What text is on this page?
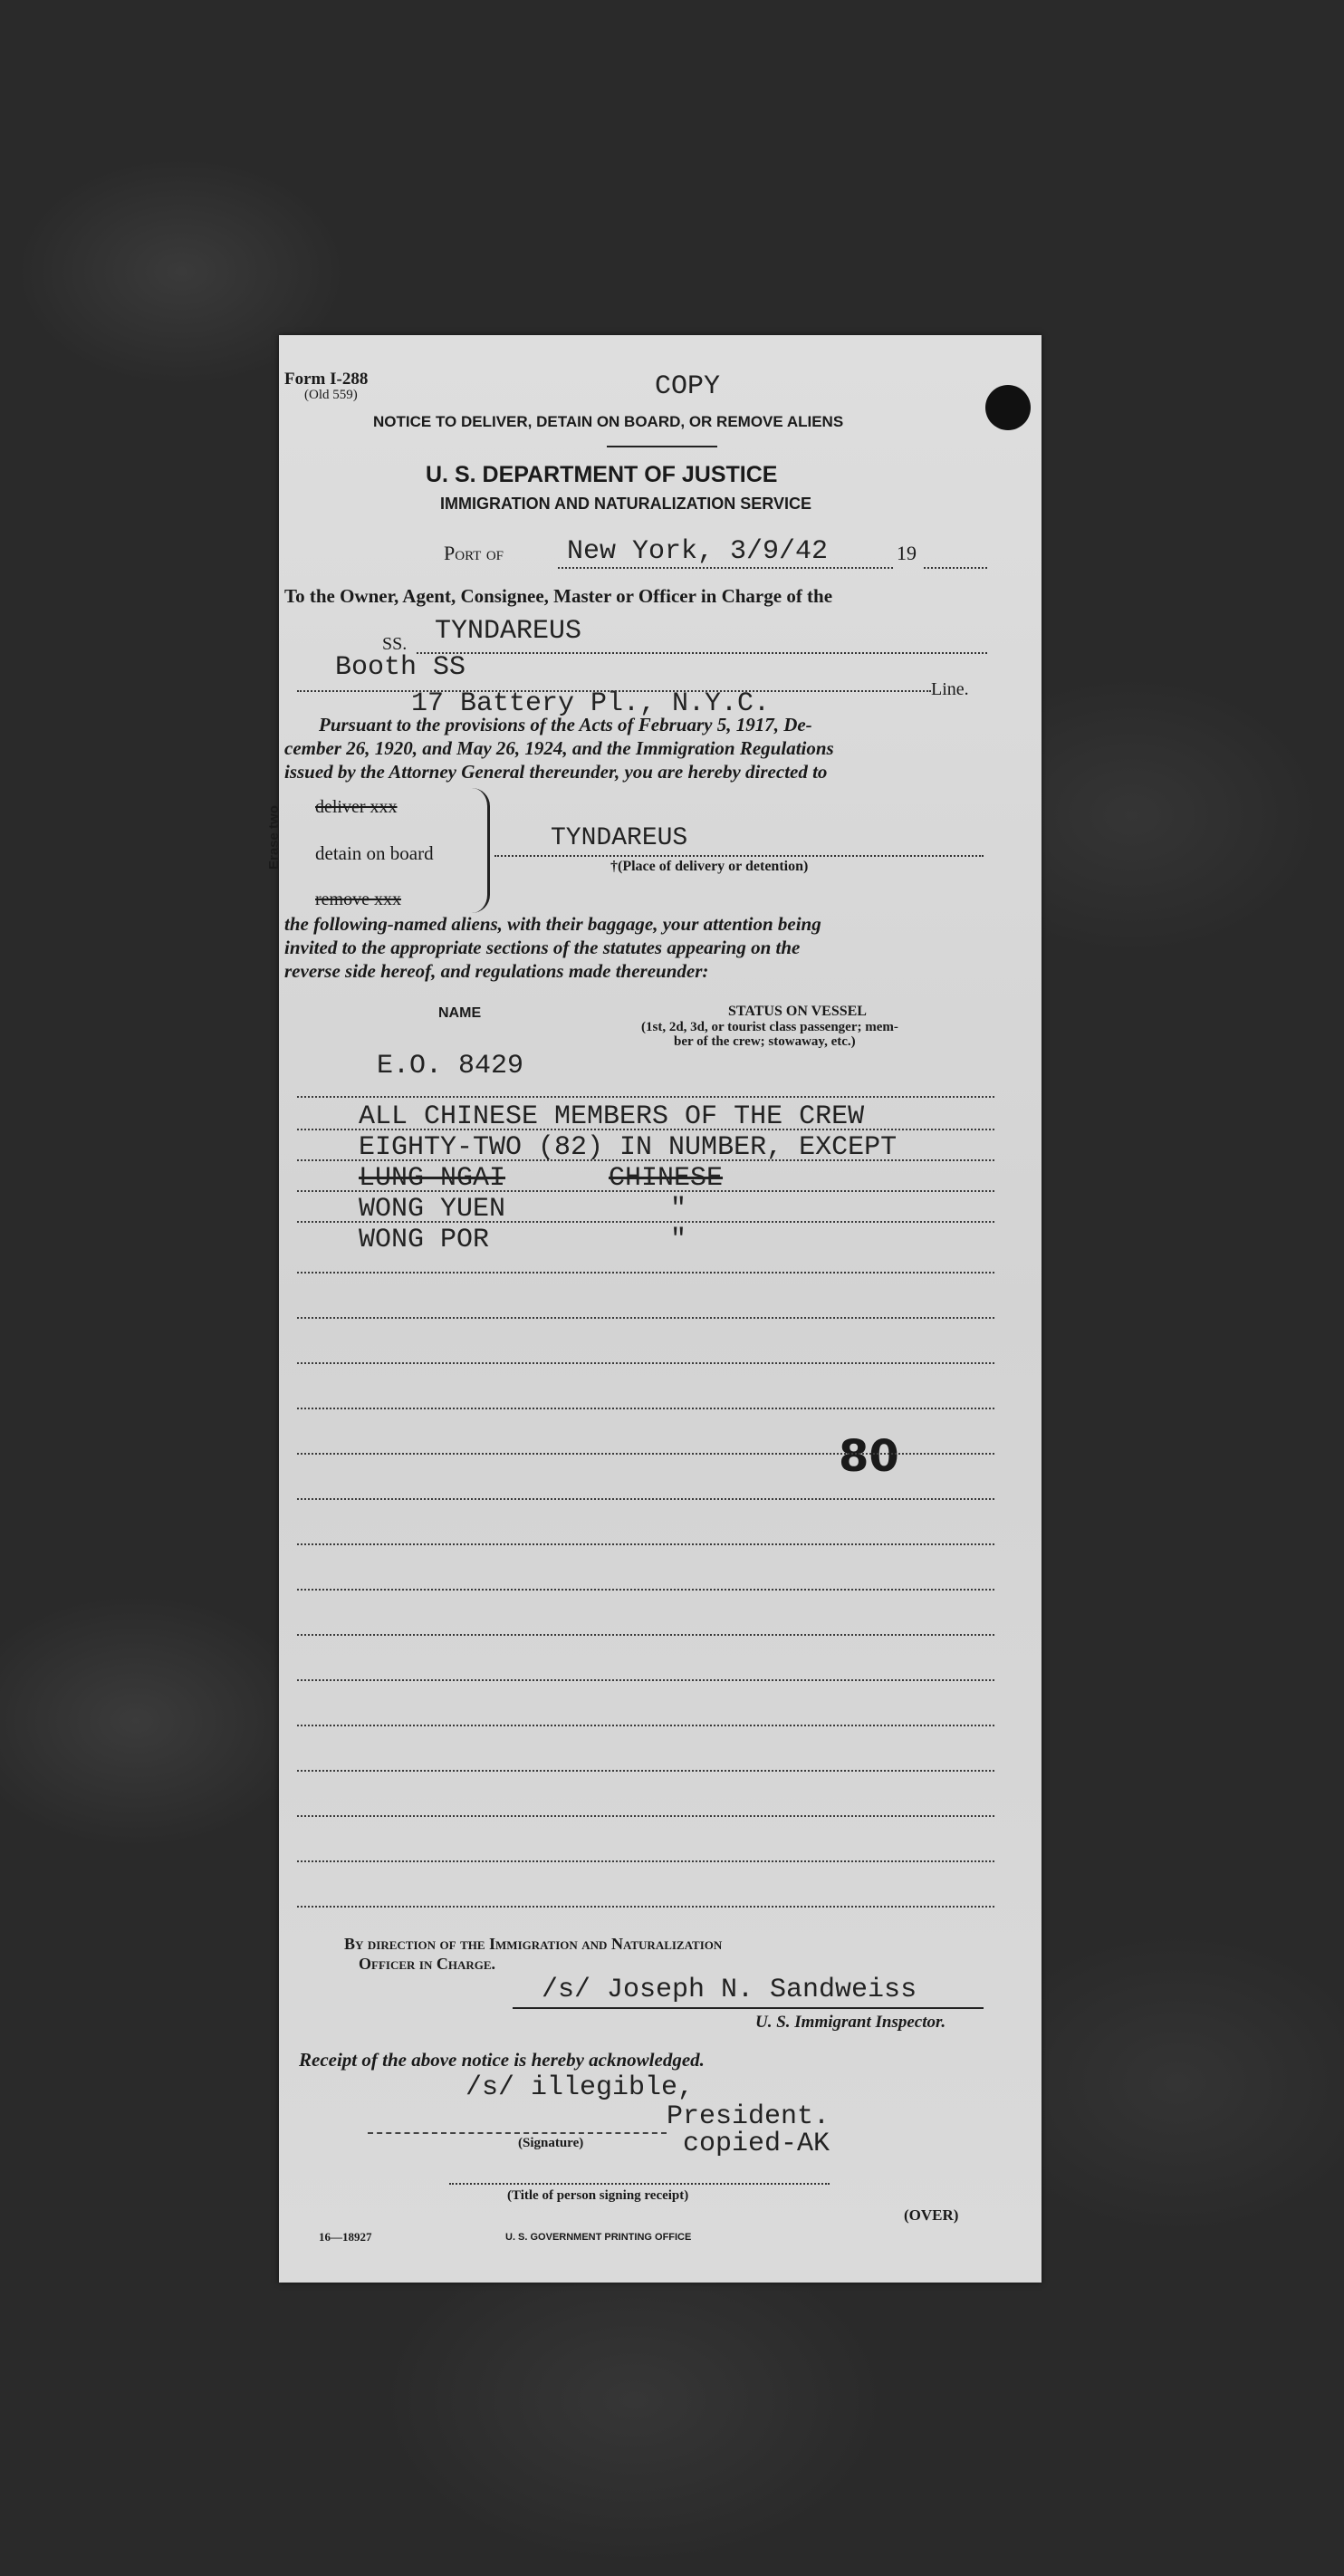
Form I-288
(Old 559)	COPY
NOTICE TO DELIVER, DETAIN ON BOARD, OR REMOVE ALIENS
U. S. DEPARTMENT OF JUSTICE
IMMIGRATION AND NATURALIZATION SERVICE
Port of New York, 3/9/42	19
To the Owner, Agent, Consignee, Master or Officer in Charge of the
SS. TYNDAREUS
Booth SS
17 Battery Pl., N.Y.C.	Line.
Pursuant to the provisions of the Acts of February 5, 1917, De-
cember 26, 1920, and May 26, 1924, and the Immigration Regulations
issued by the Attorney General thereunder, you are hereby directed to
Erase two deliver xxx
detain on board
remove xxx
TYNDAREUS
†(Place of delivery or detention)
the following-named aliens, with their baggage, your attention being
invited to the appropriate sections of the statutes appearing on the
reverse side hereof, and regulations made thereunder:
NAME	STATUS ON VESSEL
(1st, 2d, 3d, or tourist class passenger; mem-
ber of the crew; stowaway, etc.)
E.O. 8429
ALL CHINESE MEMBERS OF THE CREW
EIGHTY-TWO (82) IN NUMBER, EXCEPT
LUNG NGAI	CHINESE
WONG YUEN	"
WONG POR	"
80
By direction of the Immigration and Naturalization
Officer in Charge.
/s/ Joseph N. Sandweiss
U. S. Immigrant Inspector.
Receipt of the above notice is hereby acknowledged.
/s/ illegible,
President.
(Signature)	copied-AK
(Title of person signing receipt)
16—18927	U. S. GOVERNMENT PRINTING OFFICE
(OVER)
